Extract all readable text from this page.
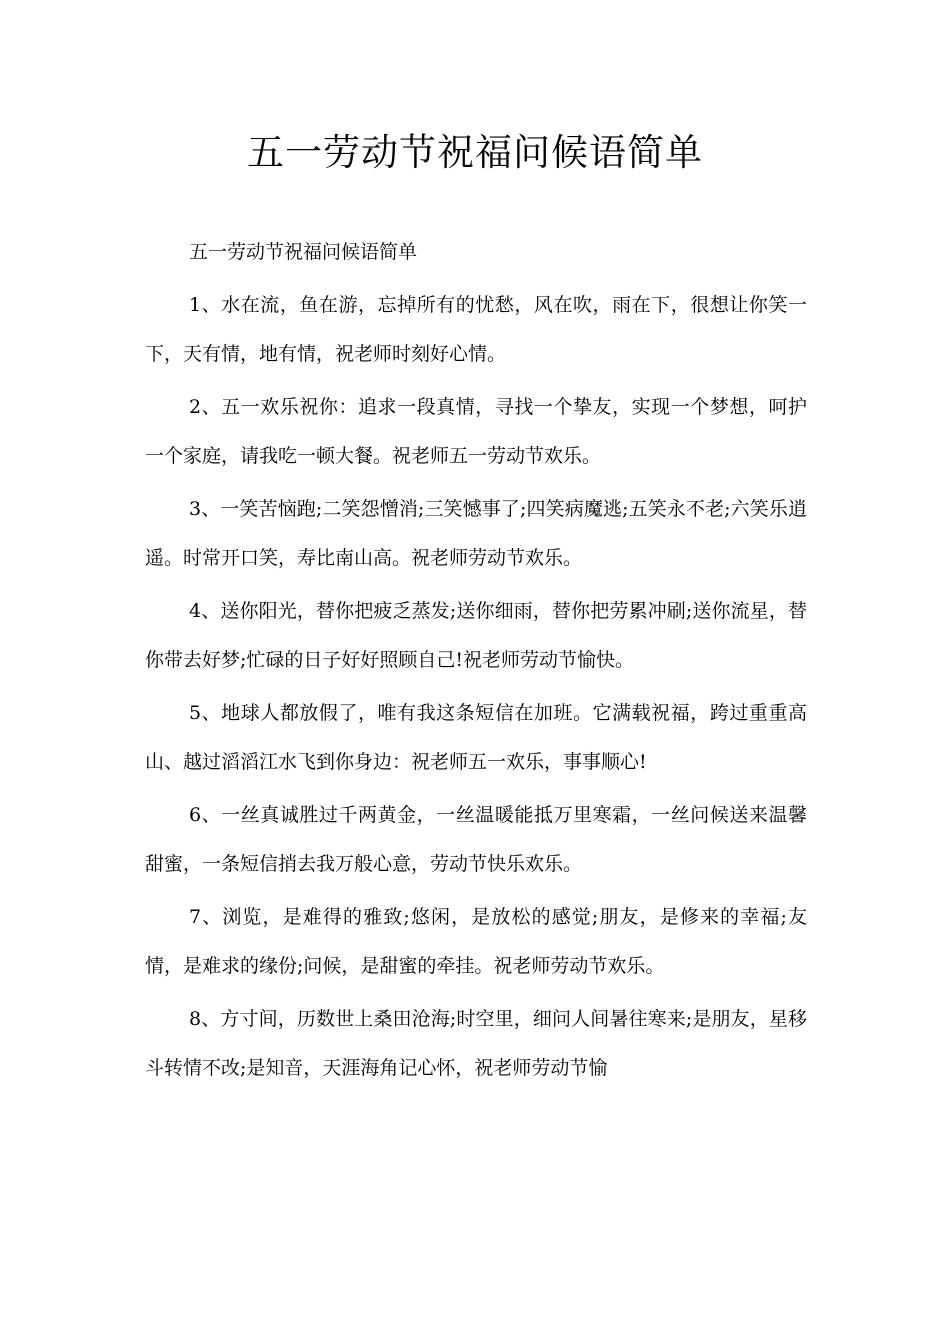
五一劳动节祝福问候语简单

五一劳动节祝福问候语简单

1、水在流，鱼在游，忘掉所有的忧愁，风在吹，雨在下，很想让你笑一下，天有情，地有情，祝老师时刻好心情。

2、五一欢乐祝你：追求一段真情，寻找一个挚友，实现一个梦想，呵护一个家庭，请我吃一顿大餐。祝老师五一劳动节欢乐。

3、一笑苦恼跑;二笑怨憎消;三笑憾事了;四笑病魔逃;五笑永不老;六笑乐逍遥。时常开口笑，寿比南山高。祝老师劳动节欢乐。

4、送你阳光，替你把疲乏蒸发;送你细雨，替你把劳累冲刷;送你流星，替你带去好梦;忙碌的日子好好照顾自己!祝老师劳动节愉快。

5、地球人都放假了，唯有我这条短信在加班。它满载祝福，跨过重重高山、越过滔滔江水飞到你身边：祝老师五一欢乐，事事顺心!

6、一丝真诚胜过千两黄金，一丝温暖能抵万里寒霜，一丝问候送来温馨甜蜜，一条短信捎去我万般心意，劳动节快乐欢乐。

7、浏览，是难得的雅致;悠闲，是放松的感觉;朋友，是修来的幸福;友情，是难求的缘份;问候，是甜蜜的牵挂。祝老师劳动节欢乐。

8、方寸间，历数世上桑田沧海;时空里，细问人间暑往寒来;是朋友，星移斗转情不改;是知音，天涯海角记心怀，祝老师劳动节愉
